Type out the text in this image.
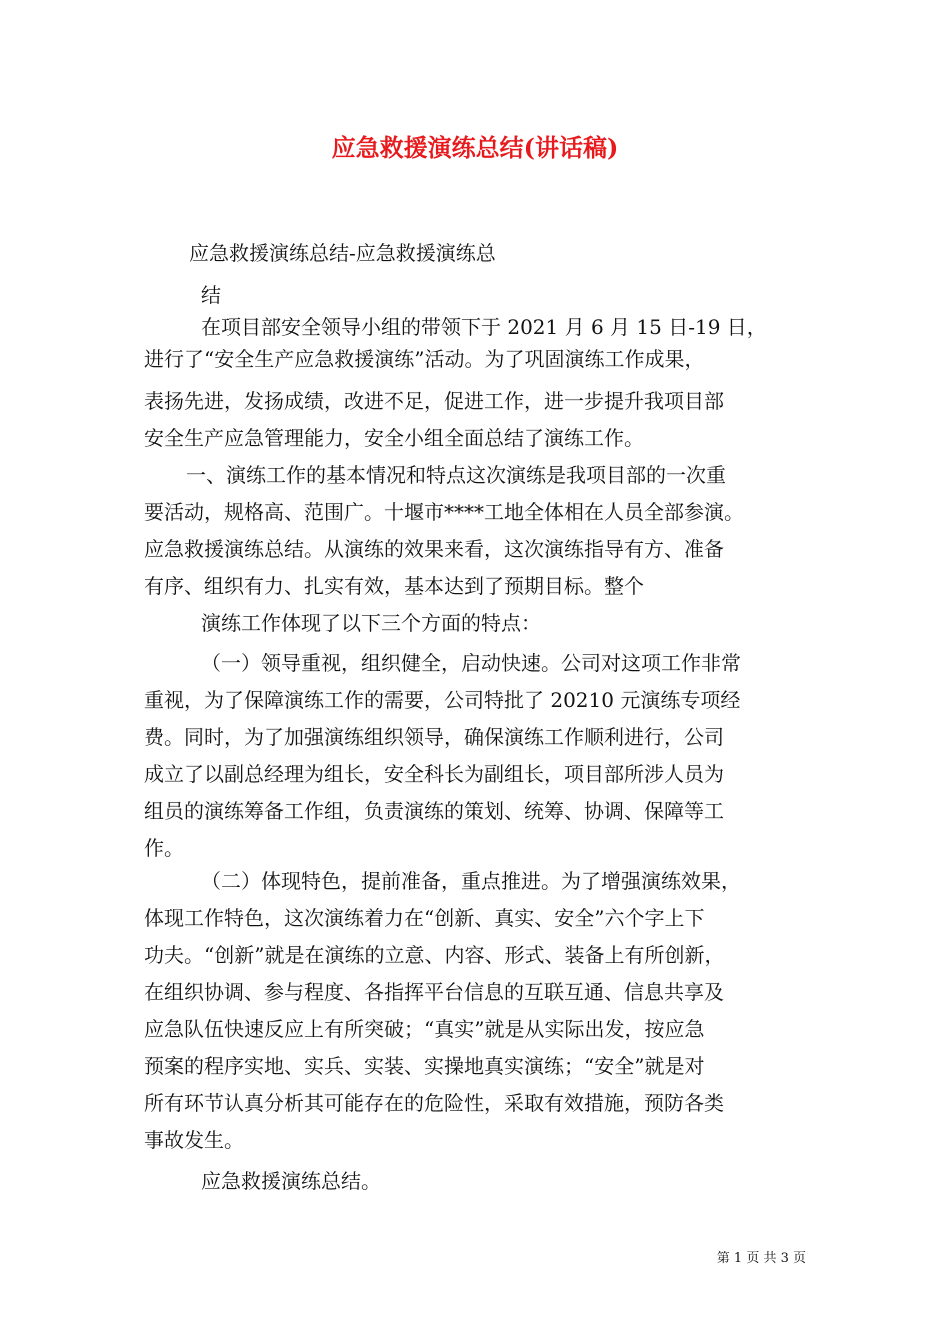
应急救援演练总结(讲话稿)
应急救援演练总结-应急救援演练总
结
在项目部安全领导小组的带领下于 2021 月 6 月 15 日-19 日，
进行了“安全生产应急救援演练”活动。为了巩固演练工作成果，
表扬先进，发扬成绩，改进不足，促进工作，进一步提升我项目部
安全生产应急管理能力，安全小组全面总结了演练工作。
一、演练工作的基本情况和特点这次演练是我项目部的一次重
要活动，规格高、范围广。十堰市****工地全体相在人员全部参演。
应急救援演练总结。从演练的效果来看，这次演练指导有方、准备
有序、组织有力、扎实有效，基本达到了预期目标。整个
演练工作体现了以下三个方面的特点：
（一）领导重视，组织健全，启动快速。公司对这项工作非常
重视，为了保障演练工作的需要，公司特批了 20210 元演练专项经
费。同时，为了加强演练组织领导，确保演练工作顺利进行，公司
成立了以副总经理为组长，安全科长为副组长，项目部所涉人员为
组员的演练筹备工作组，负责演练的策划、统筹、协调、保障等工
作。
（二）体现特色，提前准备，重点推进。为了增强演练效果，
体现工作特色，这次演练着力在“创新、真实、安全”六个字上下
功夫。“创新”就是在演练的立意、内容、形式、装备上有所创新，
在组织协调、参与程度、各指挥平台信息的互联互通、信息共享及
应急队伍快速反应上有所突破；“真实”就是从实际出发，按应急
预案的程序实地、实兵、实装、实操地真实演练；“安全”就是对
所有环节认真分析其可能存在的危险性，采取有效措施，预防各类
事故发生。
应急救援演练总结。
第 1 页 共 3 页
